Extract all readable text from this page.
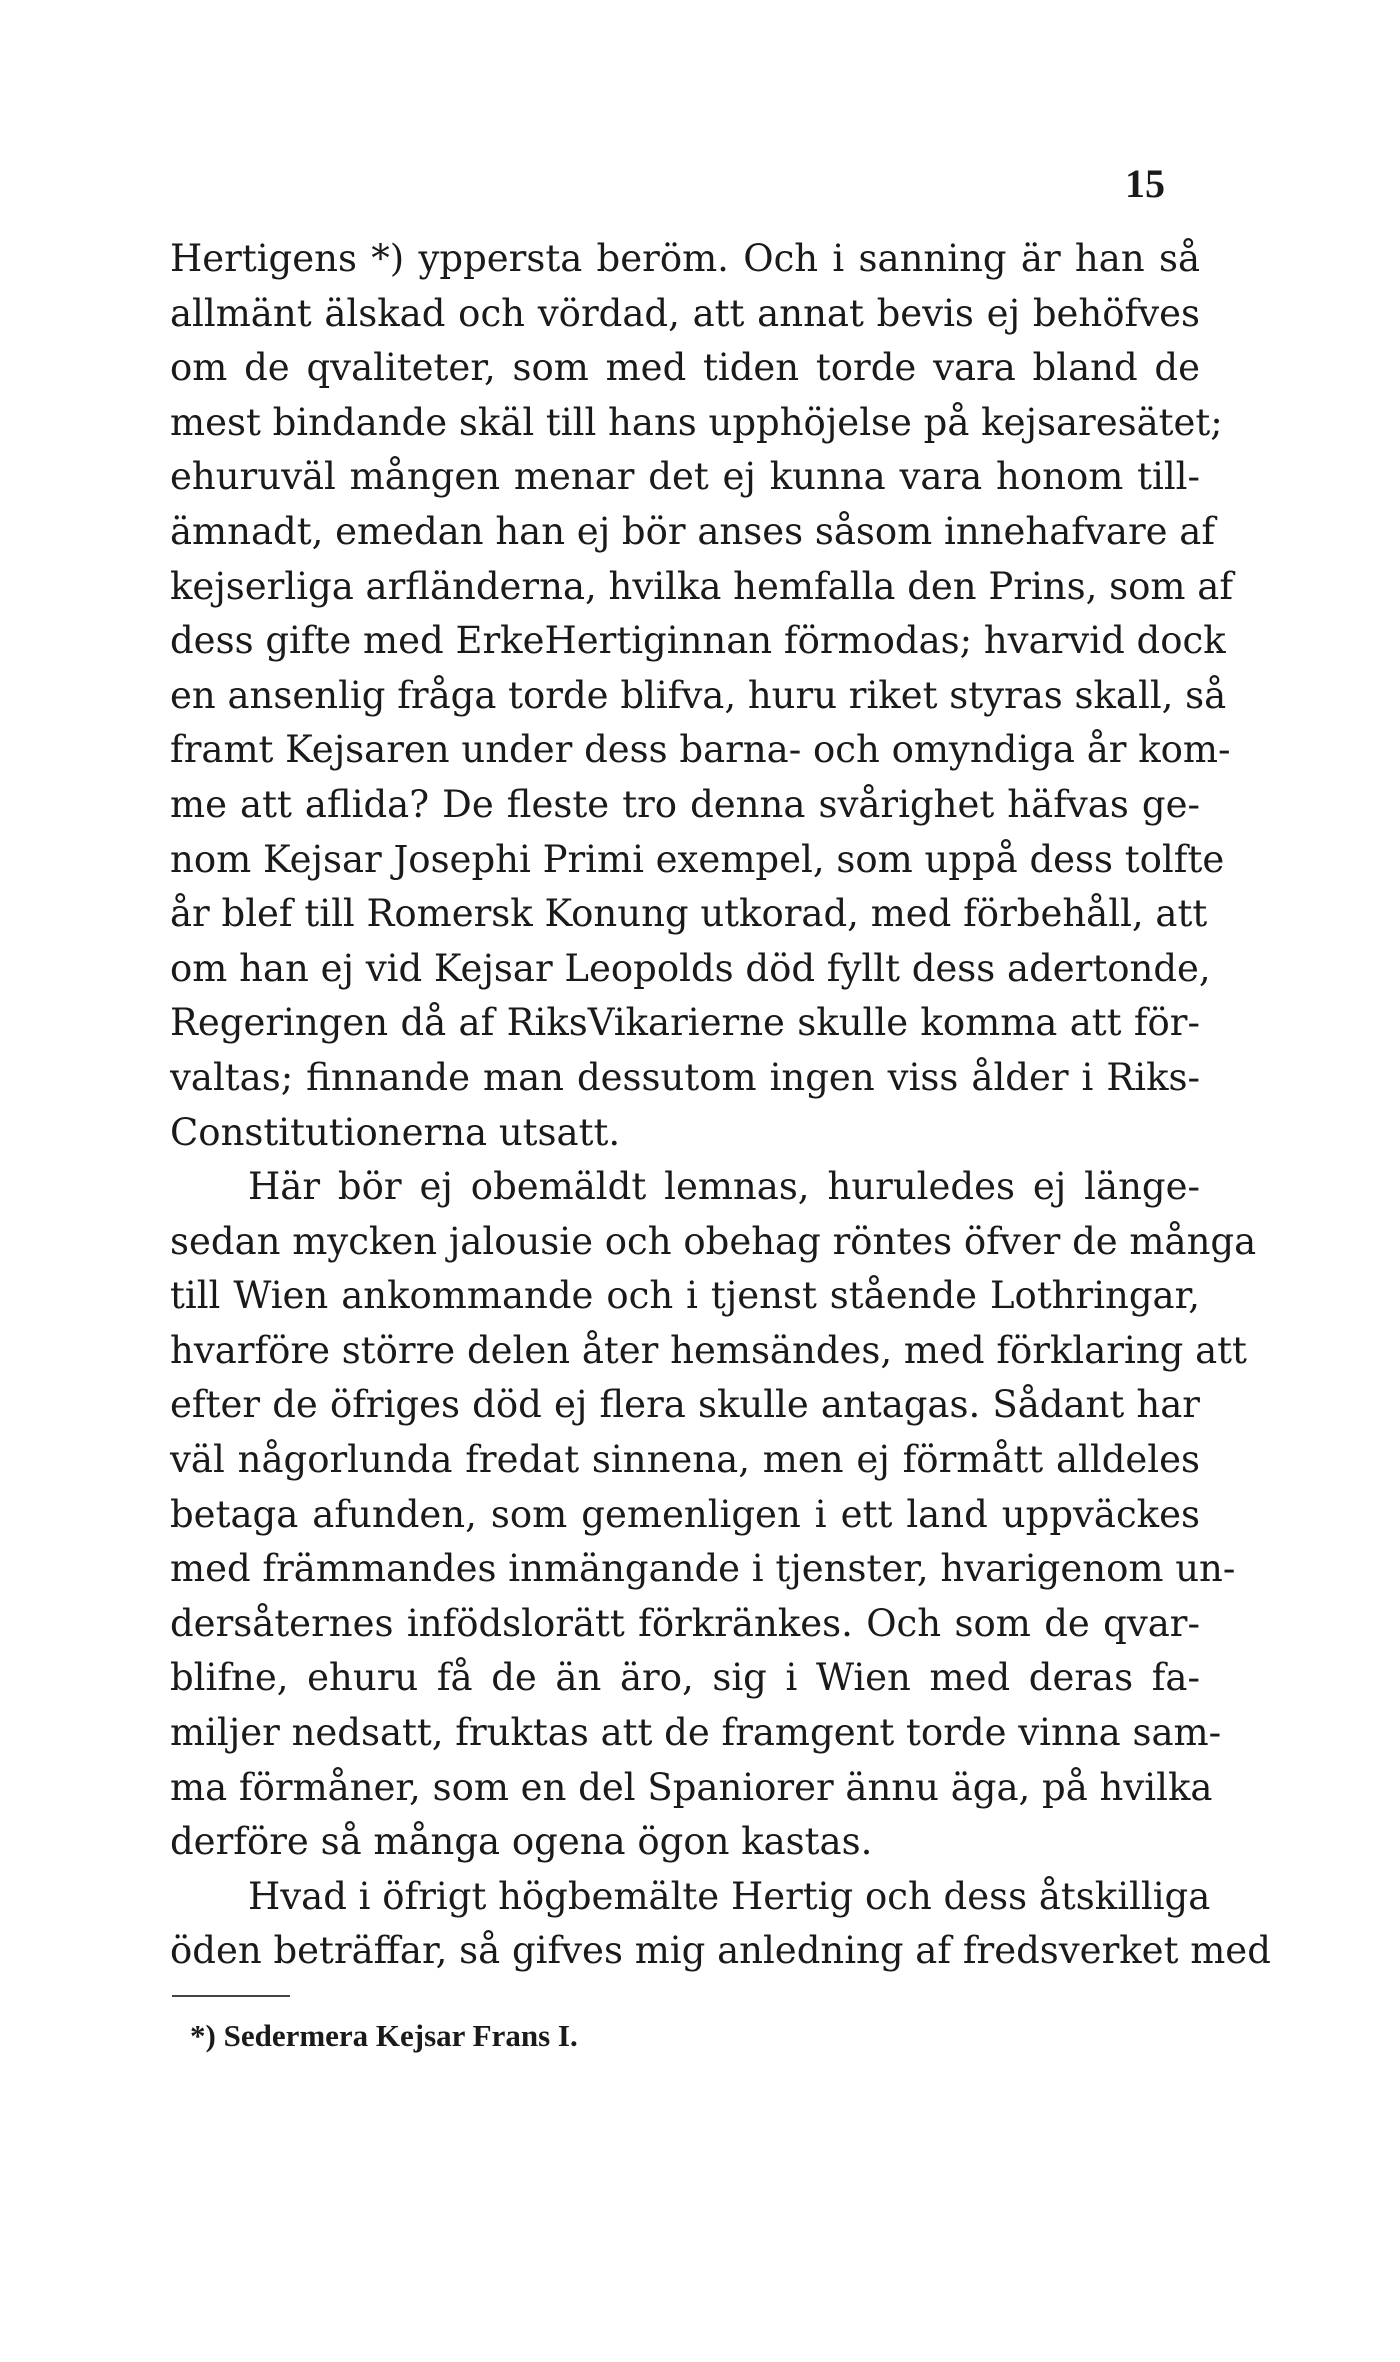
15
Hertigens *) yppersta beröm. Och i sanning är han så
allmänt älskad och vördad, att annat bevis ej behöfves
om de qvaliteter, som med tiden torde vara bland de
mest bindande skäl till hans upphöjelse på kejsaresätet;
ehuruväl mången menar det ej kunna vara honom till-
ämnadt, emedan han ej bör anses såsom innehafvare af
kejserliga arfländerna, hvilka hemfalla den Prins, som af
dess gifte med ErkeHertiginnan förmodas; hvarvid dock
en ansenlig fråga torde blifva, huru riket styras skall, så
framt Kejsaren under dess barna- och omyndiga år kom-
me att aflida? De fleste tro denna svårighet häfvas ge-
nom Kejsar Josephi Primi exempel, som uppå dess tolfte
år blef till Romersk Konung utkorad, med förbehåll, att
om han ej vid Kejsar Leopolds död fyllt dess adertonde,
Regeringen då af RiksVikarierne skulle komma att för-
valtas; finnande man dessutom ingen viss ålder i Riks-
Constitutionerna utsatt.
Här bör ej obemäldt lemnas, huruledes ej länge-
sedan mycken jalousie och obehag röntes öfver de många
till Wien ankommande och i tjenst stående Lothringar,
hvarföre större delen åter hemsändes, med förklaring att
efter de öfriges död ej flera skulle antagas. Sådant har
väl någorlunda fredat sinnena, men ej förmått alldeles
betaga afunden, som gemenligen i ett land uppväckes
med främmandes inmängande i tjenster, hvarigenom un-
dersåternes infödslorätt förkränkes. Och som de qvar-
blifne, ehuru få de än äro, sig i Wien med deras fa-
miljer nedsatt, fruktas att de framgent torde vinna sam-
ma förmåner, som en del Spaniorer ännu äga, på hvilka
derföre så många ogena ögon kastas.
Hvad i öfrigt högbemälte Hertig och dess åtskilliga
öden beträffar, så gifves mig anledning af fredsverket med
*) Sedermera Kejsar Frans I.
